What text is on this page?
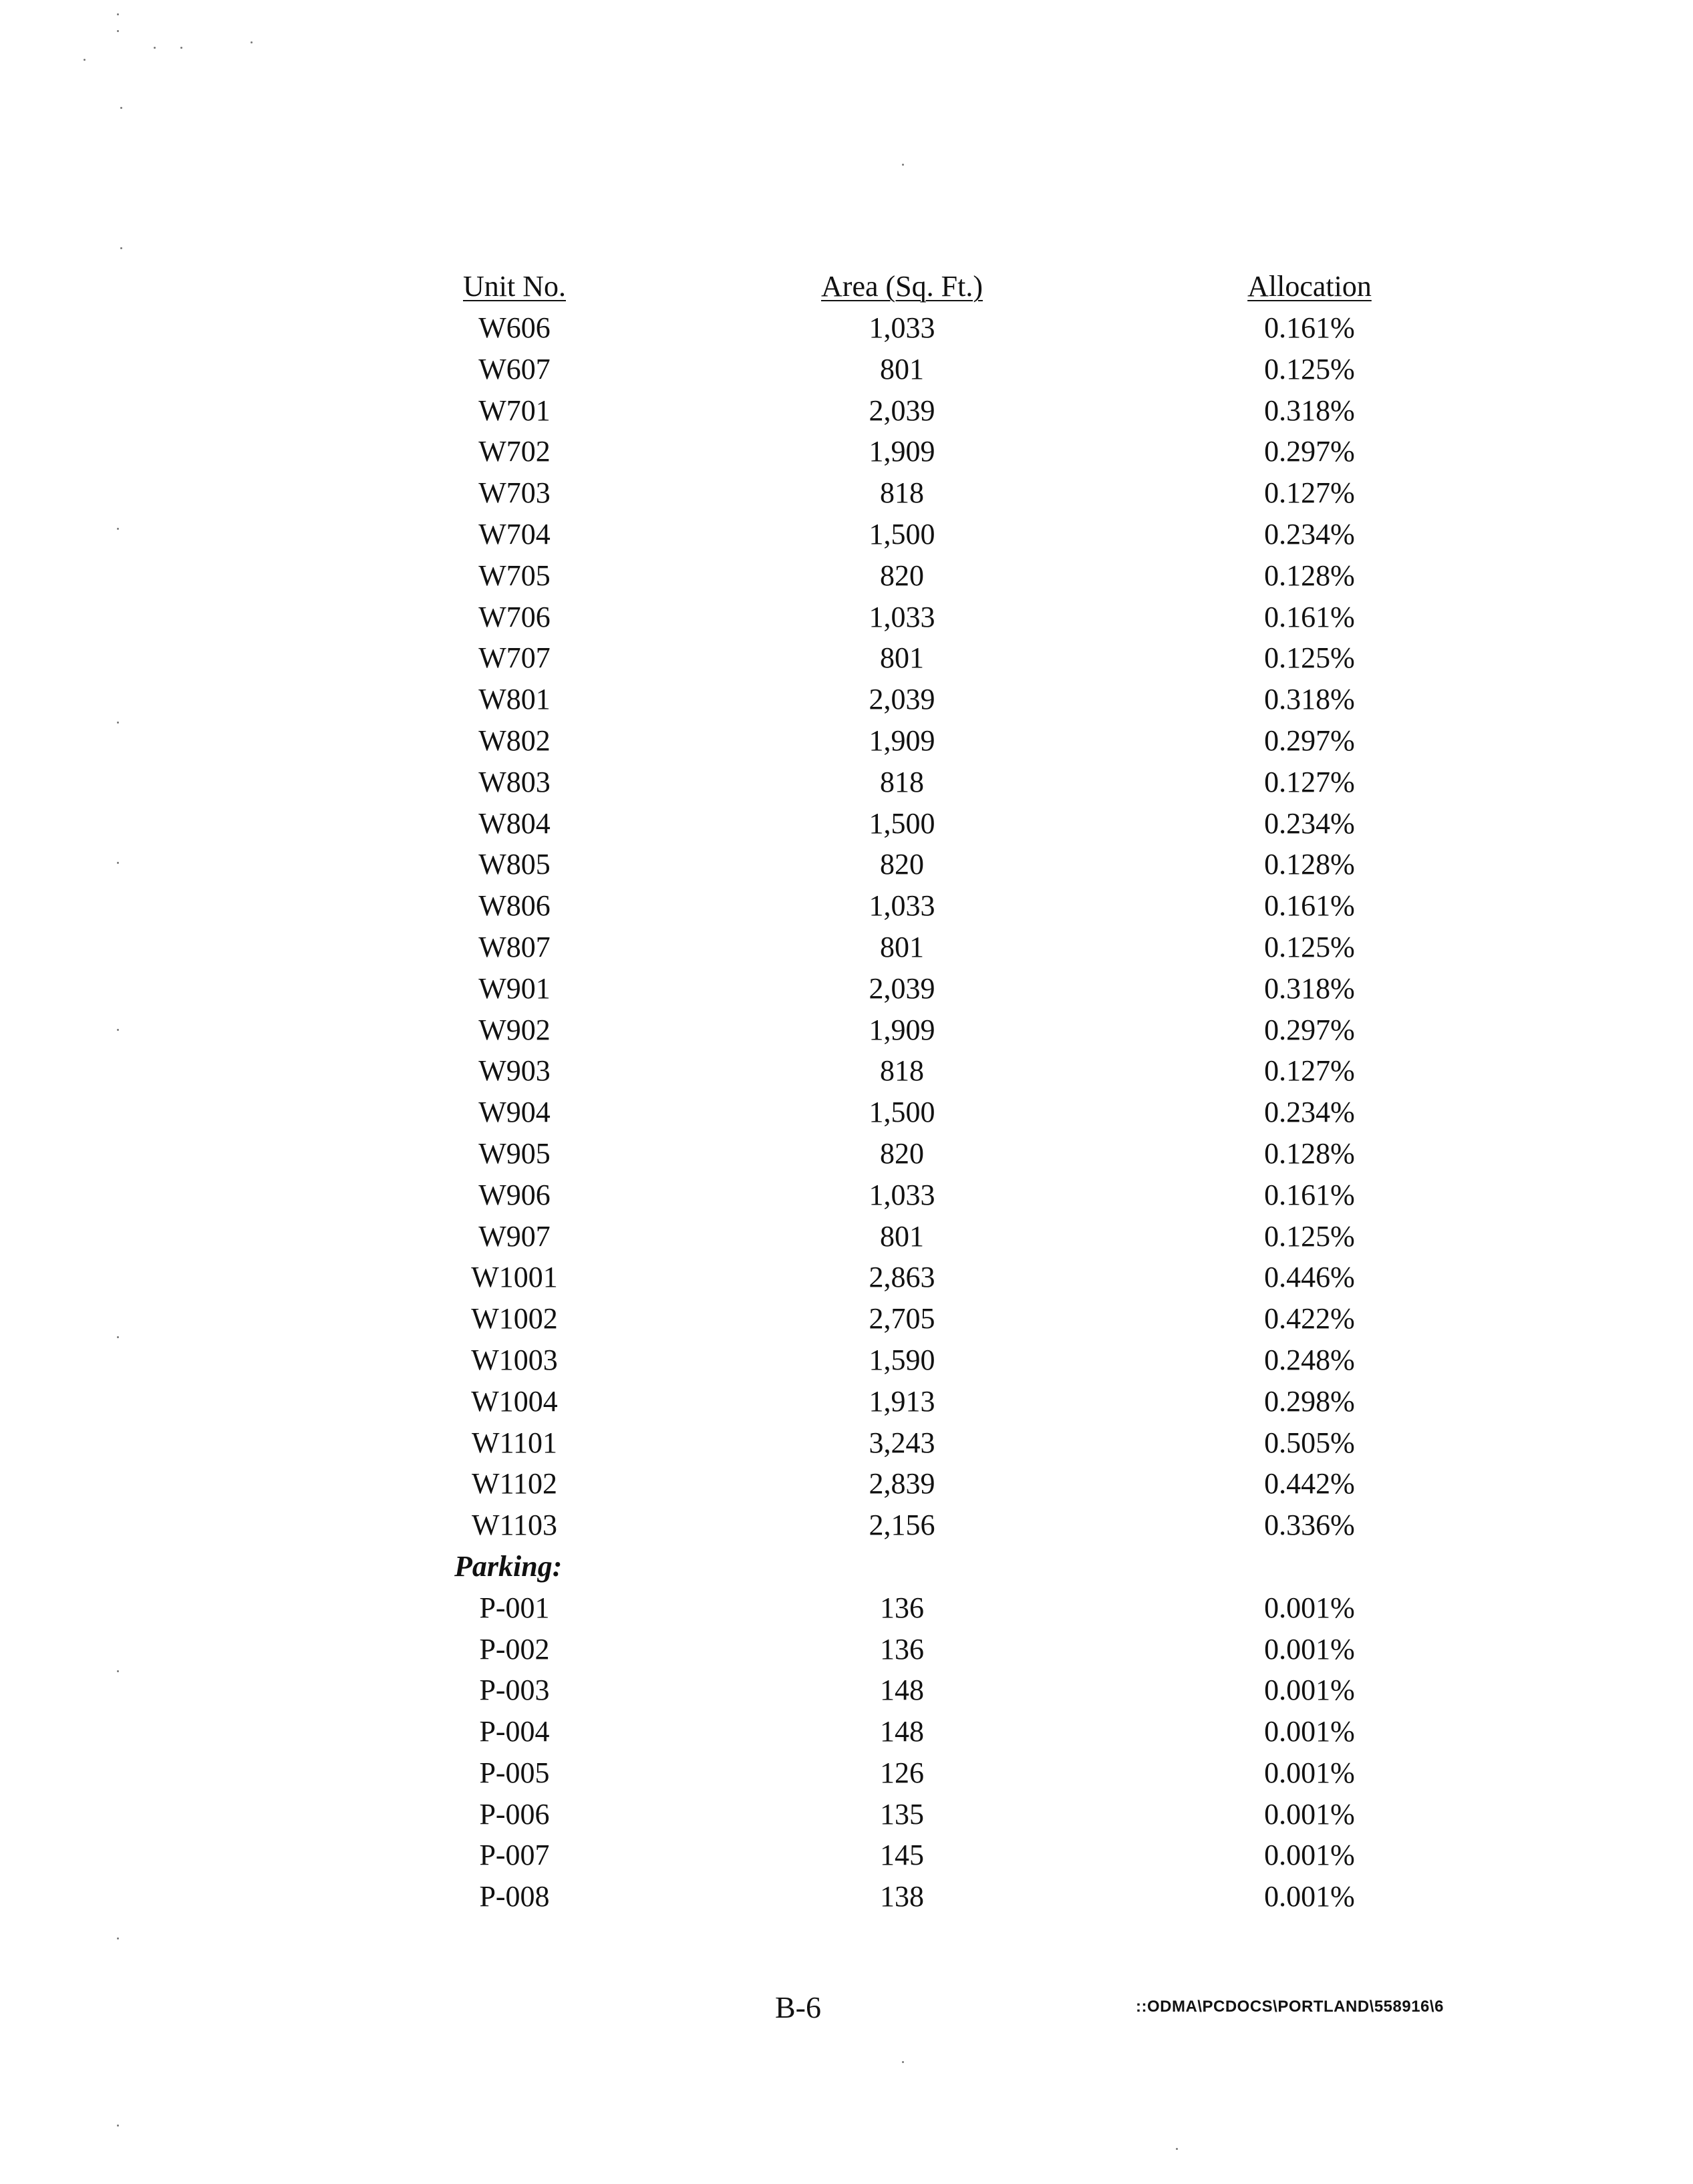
Unit No.	Area (Sq. Ft.)	Allocation
W606	1,033	0.161%
W607	801	0.125%
W701	2,039	0.318%
W702	1,909	0.297%
W703	818	0.127%
W704	1,500	0.234%
W705	820	0.128%
W706	1,033	0.161%
W707	801	0.125%
W801	2,039	0.318%
W802	1,909	0.297%
W803	818	0.127%
W804	1,500	0.234%
W805	820	0.128%
W806	1,033	0.161%
W807	801	0.125%
W901	2,039	0.318%
W902	1,909	0.297%
W903	818	0.127%
W904	1,500	0.234%
W905	820	0.128%
W906	1,033	0.161%
W907	801	0.125%
W1001	2,863	0.446%
W1002	2,705	0.422%
W1003	1,590	0.248%
W1004	1,913	0.298%
W1101	3,243	0.505%
W1102	2,839	0.442%
W1103	2,156	0.336%
Parking:
P-001	136	0.001%
P-002	136	0.001%
P-003	148	0.001%
P-004	148	0.001%
P-005	126	0.001%
P-006	135	0.001%
P-007	145	0.001%
P-008	138	0.001%
B-6	::ODMA\PCDOCS\PORTLAND\558916\6
